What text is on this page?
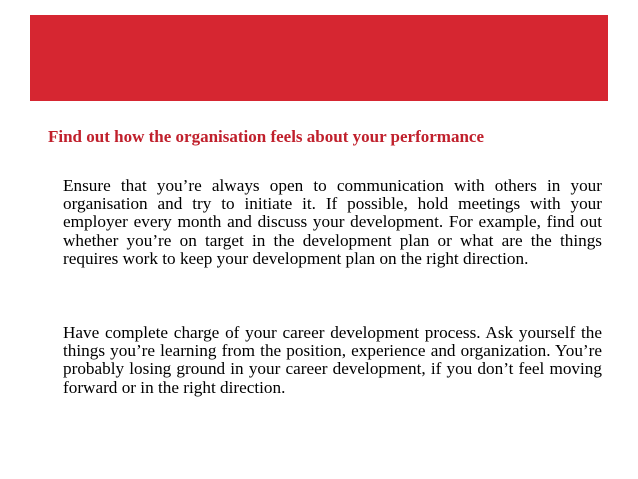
Find out how the organisation feels about your performance

Ensure that you’re always open to communication with others in your organisation and try to initiate it. If possible, hold meetings with your employer every month and discuss your development. For example, find out whether you’re on target in the development plan or what are the things requires work to keep your development plan on the right direction.

Have complete charge of your career development process. Ask yourself the things you’re learning from the position, experience and organization. You’re probably losing ground in your career development, if you don’t feel moving forward or in the right direction.
